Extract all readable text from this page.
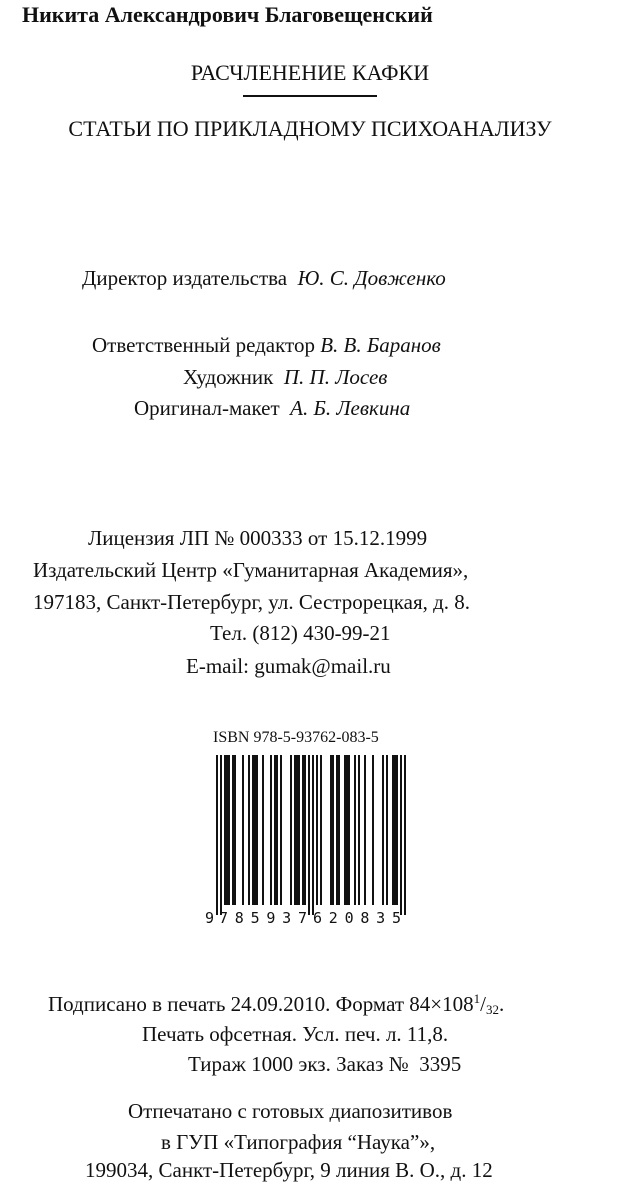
Никита Александрович Благовещенский
РАСЧЛЕНЕНИЕ КАФКИ
СТАТЬИ ПО ПРИКЛАДНОМУ ПСИХОАНАЛИЗУ
Директор издательства Ю. С. Довженко
Ответственный редактор В. В. Баранов
Художник П. П. Лосев
Оригинал-макет А. Б. Левкина
Лицензия ЛП № 000333 от 15.12.1999
Издательский Центр «Гуманитарная Академия»,
197183, Санкт-Петербург, ул. Сестрорецкая, д. 8.
Тел. (812) 430-99-21
E-mail: gumak@mail.ru
ISBN 978-5-93762-083-5
9 785937 620835
Подписано в печать 24.09.2010. Формат $84\times 108^1/_{32}$.
Печать офсетная. Усл. печ. л. 11,8.
Тираж 1000 экз. Заказ №  3395
Отпечатано с готовых диапозитивов
в ГУП «Типография “Наука”»,
199034, Санкт-Петербург, 9 линия В. О., д. 12
